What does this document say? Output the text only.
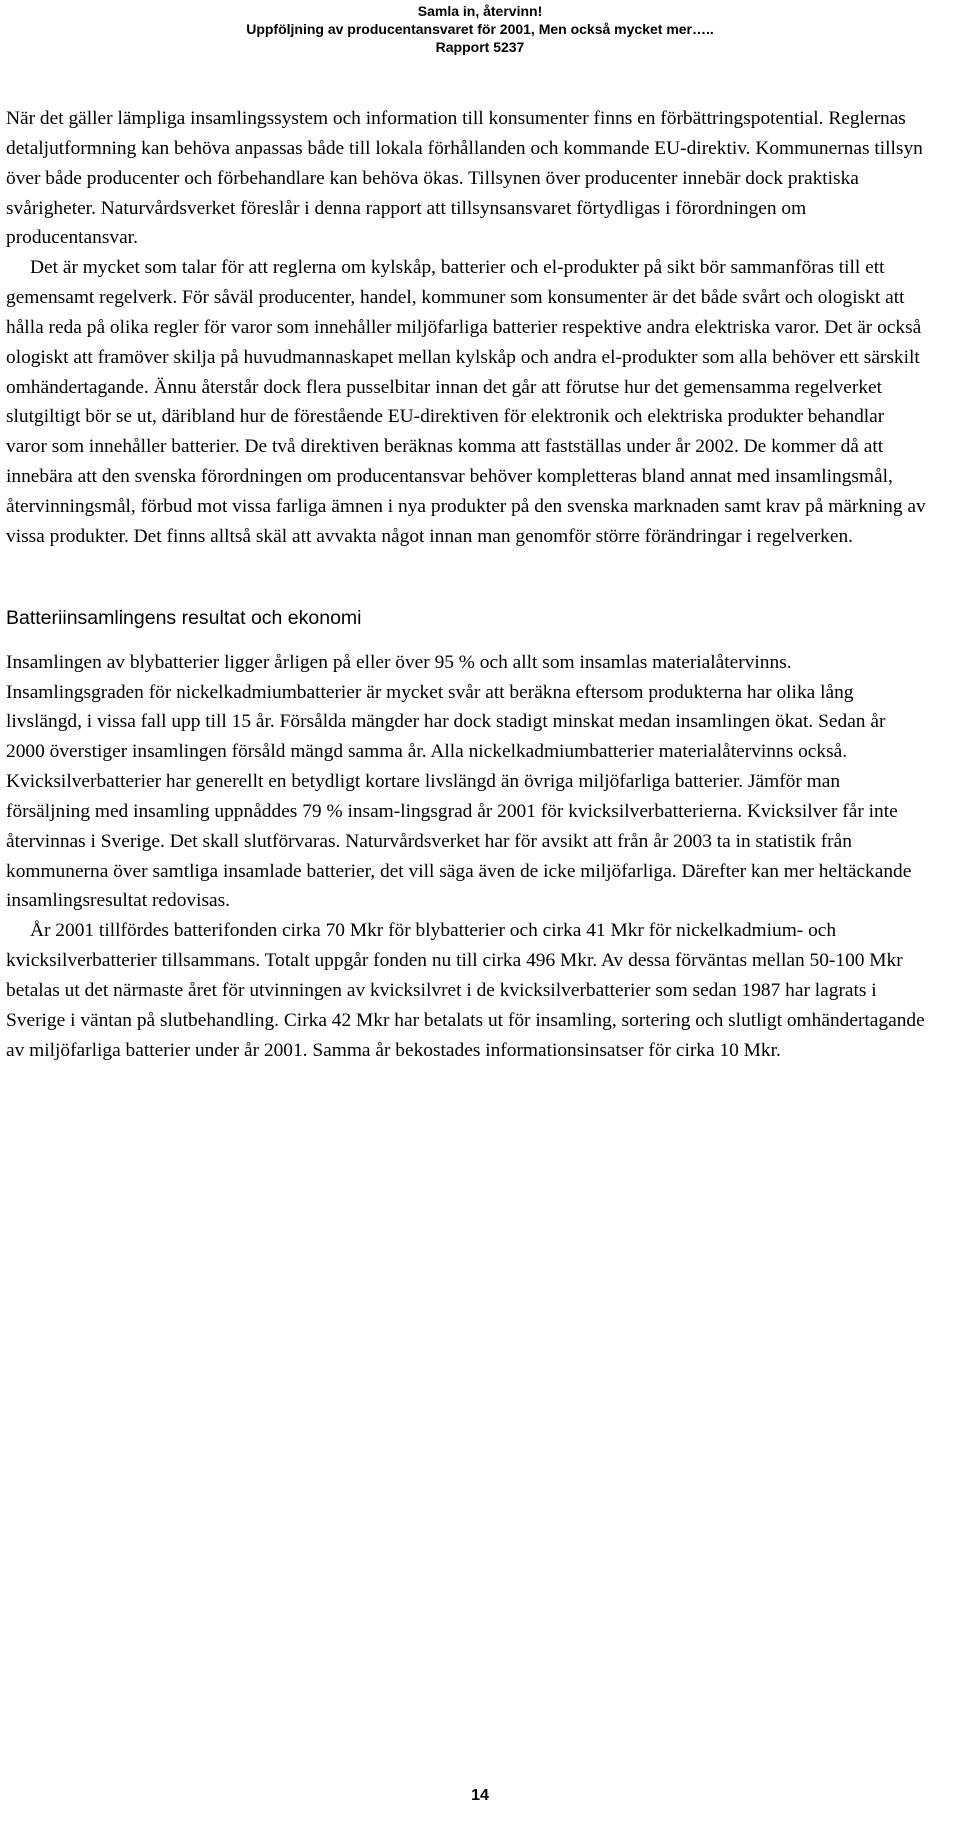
Samla in, återvinn!
Uppföljning av producentansvaret för 2001, Men också mycket mer…..
Rapport 5237

När det gäller lämpliga insamlingssystem och information till konsumenter finns en förbättringspotential. Reglernas detaljutformning kan behöva anpassas både till lokala förhållanden och kommande EU-direktiv. Kommunernas tillsyn över både producenter och förbehandlare kan behöva ökas. Tillsynen över producenter innebär dock praktiska svårigheter. Naturvårdsverket föreslår i denna rapport att tillsynsansvaret förtydligas i förordningen om producentansvar.

Det är mycket som talar för att reglerna om kylskåp, batterier och el-produkter på sikt bör sammanföras till ett gemensamt regelverk. För såväl producenter, handel, kommuner som konsumenter är det både svårt och ologiskt att hålla reda på olika regler för varor som innehåller miljöfarliga batterier respektive andra elektriska varor. Det är också ologiskt att framöver skilja på huvudmannaskapet mellan kylskåp och andra el-produkter som alla behöver ett särskilt omhändertagande. Ännu återstår dock flera pusselbitar innan det går att förutse hur det gemensamma regelverket slutgiltigt bör se ut, däribland hur de förestående EU-direktiven för elektronik och elektriska produkter behandlar varor som innehåller batterier. De två direktiven beräknas komma att fastställas under år 2002. De kommer då att innebära att den svenska förordningen om producentansvar behöver kompletteras bland annat med insamlingsmål, återvinningsmål, förbud mot vissa farliga ämnen i nya produkter på den svenska marknaden samt krav på märkning av vissa produkter. Det finns alltså skäl att avvakta något innan man genomför större förändringar i regelverken.

Batteriinsamlingens resultat och ekonomi

Insamlingen av blybatterier ligger årligen på eller över 95 % och allt som insamlas materialåtervinns. Insamlingsgraden för nickelkadmiumbatterier är mycket svår att beräkna eftersom produkterna har olika lång livslängd, i vissa fall upp till 15 år. Försålda mängder har dock stadigt minskat medan insamlingen ökat. Sedan år 2000 överstiger insamlingen försåld mängd samma år. Alla nickelkadmiumbatterier materialåtervinns också. Kvicksilverbatterier har generellt en betydligt kortare livslängd än övriga miljöfarliga batterier. Jämför man försäljning med insamling uppnåddes 79 % insam-lingsgrad år 2001 för kvicksilverbatterierna. Kvicksilver får inte återvinnas i Sverige. Det skall slutförvaras. Naturvårdsverket har för avsikt att från år 2003 ta in statistik från kommunerna över samtliga insamlade batterier, det vill säga även de icke miljöfarliga. Därefter kan mer heltäckande insamlingsresultat redovisas.

År 2001 tillfördes batterifonden cirka 70 Mkr för blybatterier och cirka 41 Mkr för nickelkadmium- och kvicksilverbatterier tillsammans. Totalt uppgår fonden nu till cirka 496 Mkr. Av dessa förväntas mellan 50-100 Mkr betalas ut det närmaste året för utvinningen av kvicksilvret i de kvicksilverbatterier som sedan 1987 har lagrats i Sverige i väntan på slutbehandling. Cirka 42 Mkr har betalats ut för insamling, sortering och slutligt omhändertagande av miljöfarliga batterier under år 2001. Samma år bekostades informationsinsatser för cirka 10 Mkr.

14
